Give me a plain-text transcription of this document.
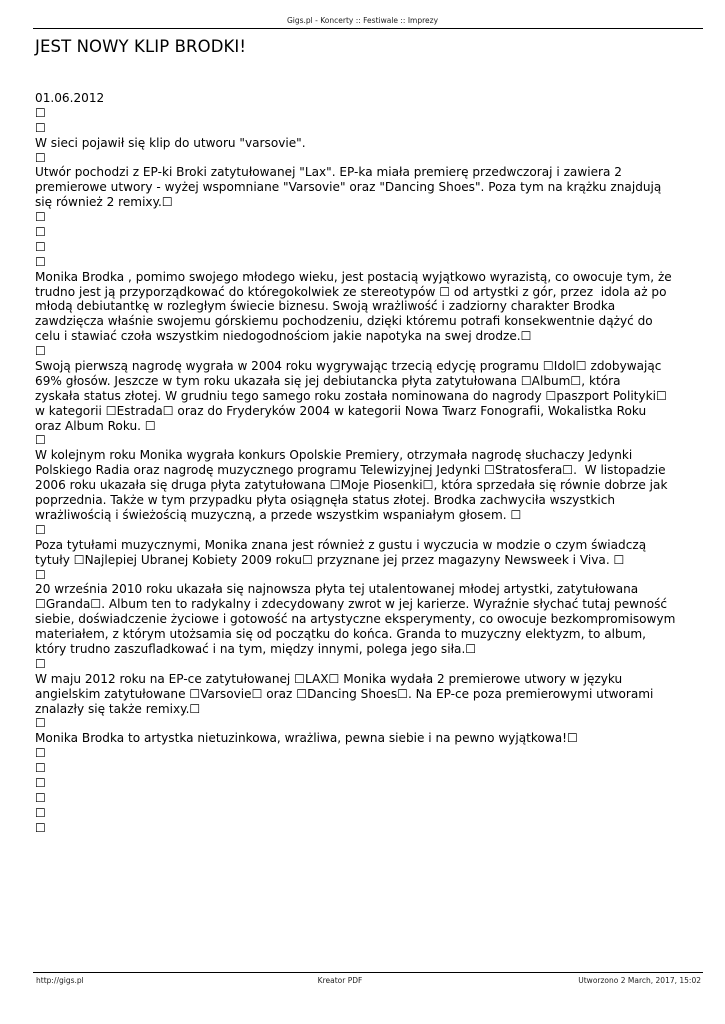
Gigs.pl - Koncerty :: Festiwale :: Imprezy
JEST NOWY KLIP BRODKI!
01.06.2012
☐
☐
W sieci pojawił się klip do utworu "varsovie".
☐
Utwór pochodzi z EP-ki Broki zatytułowanej "Lax". EP-ka miała premierę przedwczoraj i zawiera 2
premierowe utwory - wyżej wspomniane "Varsovie" oraz "Dancing Shoes". Poza tym na krążku znajdują
się również 2 remixy.☐
☐
☐
☐
☐
Monika Brodka , pomimo swojego młodego wieku, jest postacią wyjątkowo wyrazistą, co owocuje tym, że
trudno jest ją przyporządkować do któregokolwiek ze stereotypów ☐ od artystki z gór, przez  idola aż po
młodą debiutantkę w rozległym świecie biznesu. Swoją wrażliwość i zadziorny charakter Brodka
zawdzięcza właśnie swojemu górskiemu pochodzeniu, dzięki któremu potrafi konsekwentnie dążyć do
celu i stawiać czoła wszystkim niedogodnościom jakie napotyka na swej drodze.☐
☐
Swoją pierwszą nagrodę wygrała w 2004 roku wygrywając trzecią edycję programu ☐Idol☐ zdobywając
69% głosów. Jeszcze w tym roku ukazała się jej debiutancka płyta zatytułowana ☐Album☐, która
zyskała status złotej. W grudniu tego samego roku została nominowana do nagrody ☐paszport Polityki☐
w kategorii ☐Estrada☐ oraz do Fryderyków 2004 w kategorii Nowa Twarz Fonografii, Wokalistka Roku
oraz Album Roku. ☐
☐
W kolejnym roku Monika wygrała konkurs Opolskie Premiery, otrzymała nagrodę słuchaczy Jedynki
Polskiego Radia oraz nagrodę muzycznego programu Telewizyjnej Jedynki ☐Stratosfera☐.  W listopadzie
2006 roku ukazała się druga płyta zatytułowana ☐Moje Piosenki☐, która sprzedała się równie dobrze jak
poprzednia. Także w tym przypadku płyta osiągnęła status złotej. Brodka zachwyciła wszystkich
wrażliwością i świeżością muzyczną, a przede wszystkim wspaniałym głosem. ☐
☐
Poza tytułami muzycznymi, Monika znana jest również z gustu i wyczucia w modzie o czym świadczą
tytuły ☐Najlepiej Ubranej Kobiety 2009 roku☐ przyznane jej przez magazyny Newsweek i Viva. ☐
☐
20 września 2010 roku ukazała się najnowsza płyta tej utalentowanej młodej artystki, zatytułowana
☐Granda☐. Album ten to radykalny i zdecydowany zwrot w jej karierze. Wyraźnie słychać tutaj pewność
siebie, doświadczenie życiowe i gotowość na artystyczne eksperymenty, co owocuje bezkompromisowym
materiałem, z którym utożsamia się od początku do końca. Granda to muzyczny elektyzm, to album,
który trudno zaszufladkować i na tym, między innymi, polega jego siła.☐
☐
W maju 2012 roku na EP-ce zatytułowanej ☐LAX☐ Monika wydała 2 premierowe utwory w języku
angielskim zatytułowane ☐Varsovie☐ oraz ☐Dancing Shoes☐. Na EP-ce poza premierowymi utworami
znalazły się także remixy.☐
☐
Monika Brodka to artystka nietuzinkowa, wrażliwa, pewna siebie i na pewno wyjątkowa!☐
☐
☐
☐
☐
☐
☐
http://gigs.pl	Kreator PDF	Utworzono 2 March, 2017, 15:02
